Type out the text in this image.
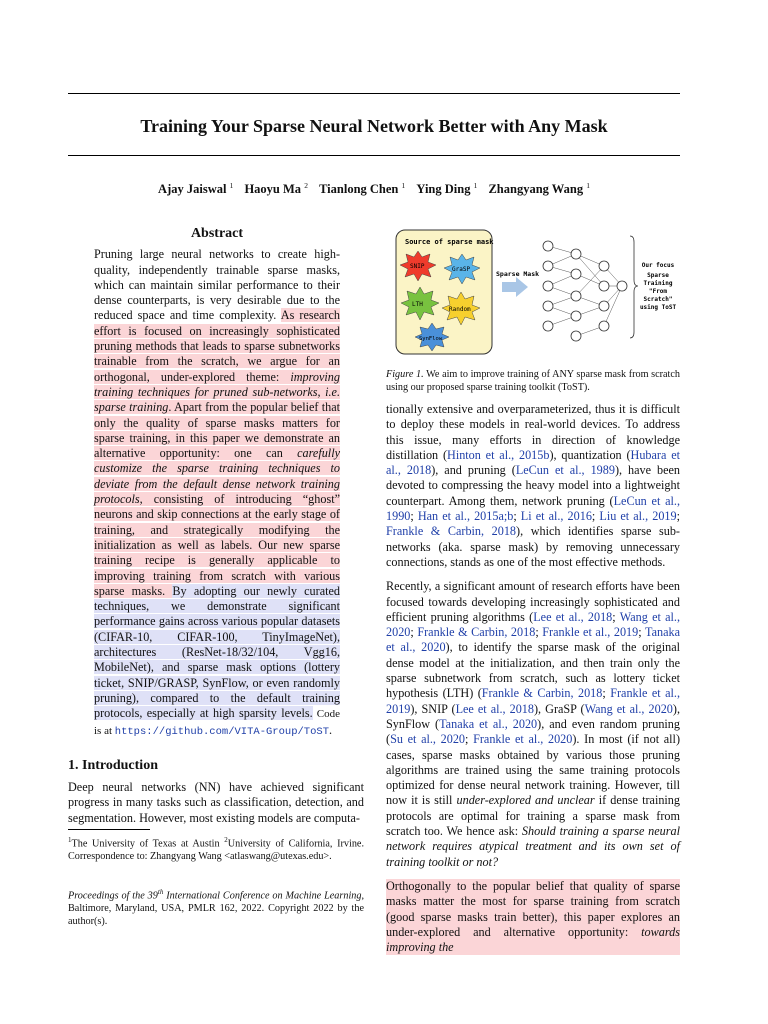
Training Your Sparse Neural Network Better with Any Mask
Ajay Jaiswal $^1$ Haoyu Ma $^2$ Tianlong Chen $^1$ Ying Ding $^1$ Zhangyang Wang $^1$
Abstract
Pruning large neural networks to create high-quality, independently trainable sparse masks, which can maintain similar performance to their dense counterparts, is very desirable due to the reduced space and time complexity. As research effort is focused on increasingly sophisticated pruning methods that leads to sparse subnetworks trainable from the scratch, we argue for an orthogonal, under-explored theme: improving training techniques for pruned sub-networks, i.e. sparse training. Apart from the popular belief that only the quality of sparse masks matters for sparse training, in this paper we demonstrate an alternative opportunity: one can carefully customize the sparse training techniques to deviate from the default dense network training protocols, consisting of introducing “ghost” neurons and skip connections at the early stage of training, and strategically modifying the initialization as well as labels. Our new sparse training recipe is generally applicable to improving training from scratch with various sparse masks. By adopting our newly curated techniques, we demonstrate significant performance gains across various popular datasets (CIFAR-10, CIFAR-100, TinyImageNet), architectures (ResNet-18/32/104, Vgg16, MobileNet), and sparse mask options (lottery ticket, SNIP/GRASP, SynFlow, or even randomly pruning), compared to the default training protocols, especially at high sparsity levels. Code is at https://github.com/VITA-Group/ToST.
1. Introduction
Deep neural networks (NN) have achieved significant progress in many tasks such as classification, detection, and segmentation. However, most existing models are computa-
$^1$The University of Texas at Austin $^2$University of California, Irvine. Correspondence to: Zhangyang Wang <atlaswang@utexas.edu>.
Proceedings of the 39th International Conference on Machine Learning, Baltimore, Maryland, USA, PMLR 162, 2022. Copyright 2022 by the author(s).
Source of sparse mask
SNIP	GraSP
LTH
Random
SynFlow
Sparse Mask
Our focus
Sparse
Training
"From
Scratch"
using ToST
Figure 1. We aim to improve training of ANY sparse mask from scratch using our proposed sparse training toolkit (ToST).

tionally extensive and overparameterized, thus it is difficult to deploy these models in real-world devices. To address this issue, many efforts in direction of knowledge distillation (Hinton et al., 2015b), quantization (Hubara et al., 2018), and pruning (LeCun et al., 1989), have been devoted to compressing the heavy model into a lightweight counterpart. Among them, network pruning (LeCun et al., 1990; Han et al., 2015a;b; Li et al., 2016; Liu et al., 2019; Frankle & Carbin, 2018), which identifies sparse sub-networks (aka. sparse mask) by removing unnecessary connections, stands as one of the most effective methods.

Recently, a significant amount of research efforts have been focused towards developing increasingly sophisticated and efficient pruning algorithms (Lee et al., 2018; Wang et al., 2020; Frankle & Carbin, 2018; Frankle et al., 2019; Tanaka et al., 2020), to identify the sparse mask of the original dense model at the initialization, and then train only the sparse subnetwork from scratch, such as lottery ticket hypothesis (LTH) (Frankle & Carbin, 2018; Frankle et al., 2019), SNIP (Lee et al., 2018), GraSP (Wang et al., 2020), SynFlow (Tanaka et al., 2020), and even random pruning (Su et al., 2020; Frankle et al., 2020). In most (if not all) cases, sparse masks obtained by various those pruning algorithms are trained using the same training protocols optimized for dense neural network training. However, till now it is still under-explored and unclear if dense training protocols are optimal for training a sparse mask from scratch too. We hence ask: Should training a sparse neural network requires atypical treatment and its own set of training toolkit or not?

Orthogonally to the popular belief that quality of sparse masks matter the most for sparse training from scratch (good sparse masks train better), this paper explores an under-explored and alternative opportunity: towards improving the
